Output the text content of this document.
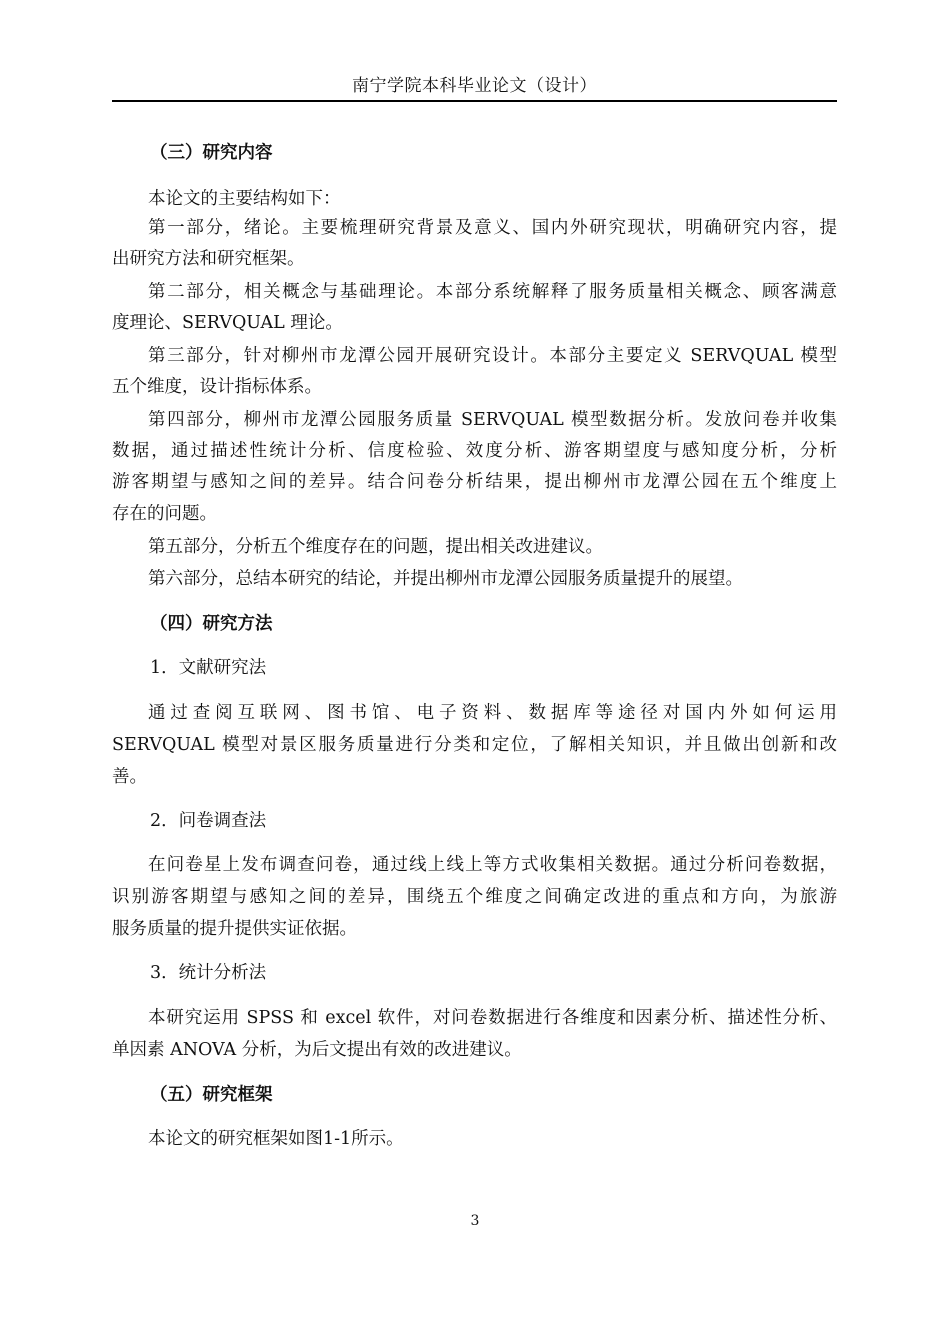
南宁学院本科毕业论文（设计）
（三）研究内容
本论文的主要结构如下：
第一部分，绪论。主要梳理研究背景及意义、国内外研究现状，明确研究内容，提
出研究方法和研究框架。
第二部分，相关概念与基础理论。本部分系统解释了服务质量相关概念、顾客满意
度理论、SERVQUAL 理论。
第三部分，针对柳州市龙潭公园开展研究设计。本部分主要定义 SERVQUAL 模型
五个维度，设计指标体系。
第四部分，柳州市龙潭公园服务质量 SERVQUAL 模型数据分析。发放问卷并收集
数据，通过描述性统计分析、信度检验、效度分析、游客期望度与感知度分析，分析
游客期望与感知之间的差异。结合问卷分析结果，提出柳州市龙潭公园在五个维度上
存在的问题。
第五部分，分析五个维度存在的问题，提出相关改进建议。
第六部分，总结本研究的结论，并提出柳州市龙潭公园服务质量提升的展望。
（四）研究方法
1．文献研究法
通过查阅互联网、图书馆、电子资料、数据库等途径对国内外如何运用
SERVQUAL 模型对景区服务质量进行分类和定位，了解相关知识，并且做出创新和改
善。
2．问卷调查法
在问卷星上发布调查问卷，通过线上线上等方式收集相关数据。通过分析问卷数据，
识别游客期望与感知之间的差异，围绕五个维度之间确定改进的重点和方向，为旅游
服务质量的提升提供实证依据。
3．统计分析法
本研究运用 SPSS 和 excel 软件，对问卷数据进行各维度和因素分析、描述性分析、
单因素 ANOVA 分析，为后文提出有效的改进建议。
（五）研究框架
本论文的研究框架如图1-1所示。
3
